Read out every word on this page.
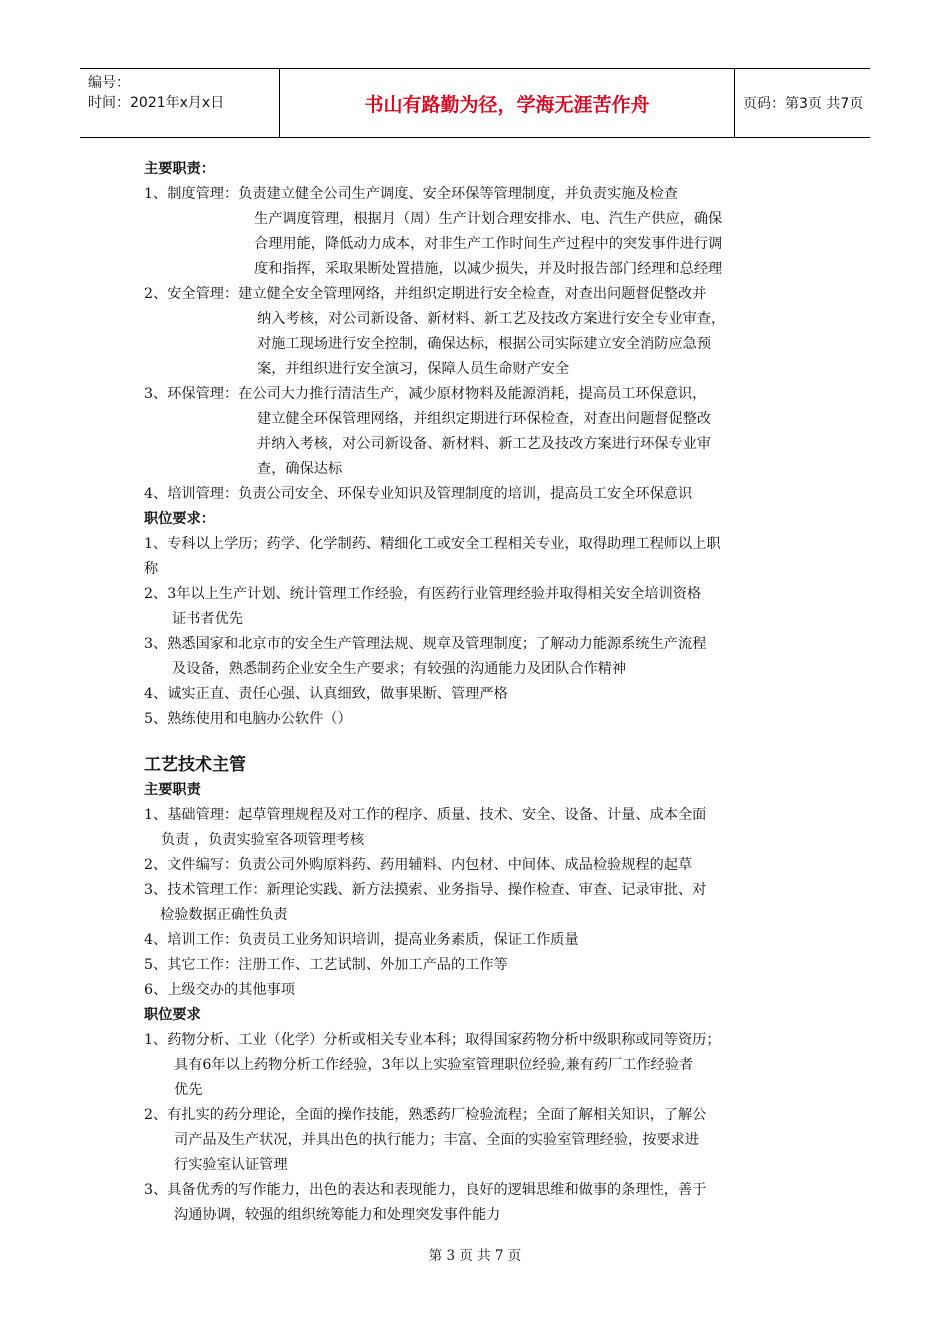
编号：
时间：2021年x月x日	书山有路勤为径，学海无涯苦作舟	页码：第3页 共7页
主要职责：
1、制度管理：负责建立健全公司生产调度、安全环保等管理制度，并负责实施及检查
生产调度管理，根据月（周）生产计划合理安排水、电、汽生产供应，确保
合理用能，降低动力成本，对非生产工作时间生产过程中的突发事件进行调
度和指挥，采取果断处置措施，以减少损失，并及时报告部门经理和总经理
2、安全管理：建立健全安全管理网络，并组织定期进行安全检查，对查出问题督促整改并
纳入考核，对公司新设备、新材料、新工艺及技改方案进行安全专业审查，
对施工现场进行安全控制，确保达标，根据公司实际建立安全消防应急预
案，并组织进行安全演习，保障人员生命财产安全
3、环保管理：在公司大力推行清洁生产，减少原材物料及能源消耗，提高员工环保意识，
建立健全环保管理网络，并组织定期进行环保检查，对查出问题督促整改
并纳入考核，对公司新设备、新材料、新工艺及技改方案进行环保专业审
查，确保达标
4、培训管理：负责公司安全、环保专业知识及管理制度的培训，提高员工安全环保意识
职位要求：
1、专科以上学历；药学、化学制药、精细化工或安全工程相关专业，取得助理工程师以上职
称
2、3年以上生产计划、统计管理工作经验，有医药行业管理经验并取得相关安全培训资格
证书者优先
3、熟悉国家和北京市的安全生产管理法规、规章及管理制度；了解动力能源系统生产流程
及设备，熟悉制药企业安全生产要求；有较强的沟通能力及团队合作精神
4、诚实正直、责任心强、认真细致，做事果断、管理严格
5、熟练使用和电脑办公软件（）
工艺技术主管
主要职责
1、基础管理：起草管理规程及对工作的程序、质量、技术、安全、设备、计量、成本全面
负责 ，负责实验室各项管理考核
2、文件编写：负责公司外购原料药、药用辅料、内包材、中间体、成品检验规程的起草
3、技术管理工作：新理论实践、新方法摸索、业务指导、操作检查、审查、记录审批、对
检验数据正确性负责
4、培训工作：负责员工业务知识培训，提高业务素质，保证工作质量
5、其它工作：注册工作、工艺试制、外加工产品的工作等
6、上级交办的其他事项
职位要求
1、药物分析、工业（化学）分析或相关专业本科；取得国家药物分析中级职称或同等资历；
具有6年以上药物分析工作经验，3年以上实验室管理职位经验,兼有药厂工作经验者
优先
2、有扎实的药分理论，全面的操作技能，熟悉药厂检验流程；全面了解相关知识，了解公
司产品及生产状况，并具出色的执行能力；丰富、全面的实验室管理经验，按要求进
行实验室认证管理
3、具备优秀的写作能力，出色的表达和表现能力，良好的逻辑思维和做事的条理性，善于
沟通协调，较强的组织统筹能力和处理突发事件能力
第 3 页 共 7 页
